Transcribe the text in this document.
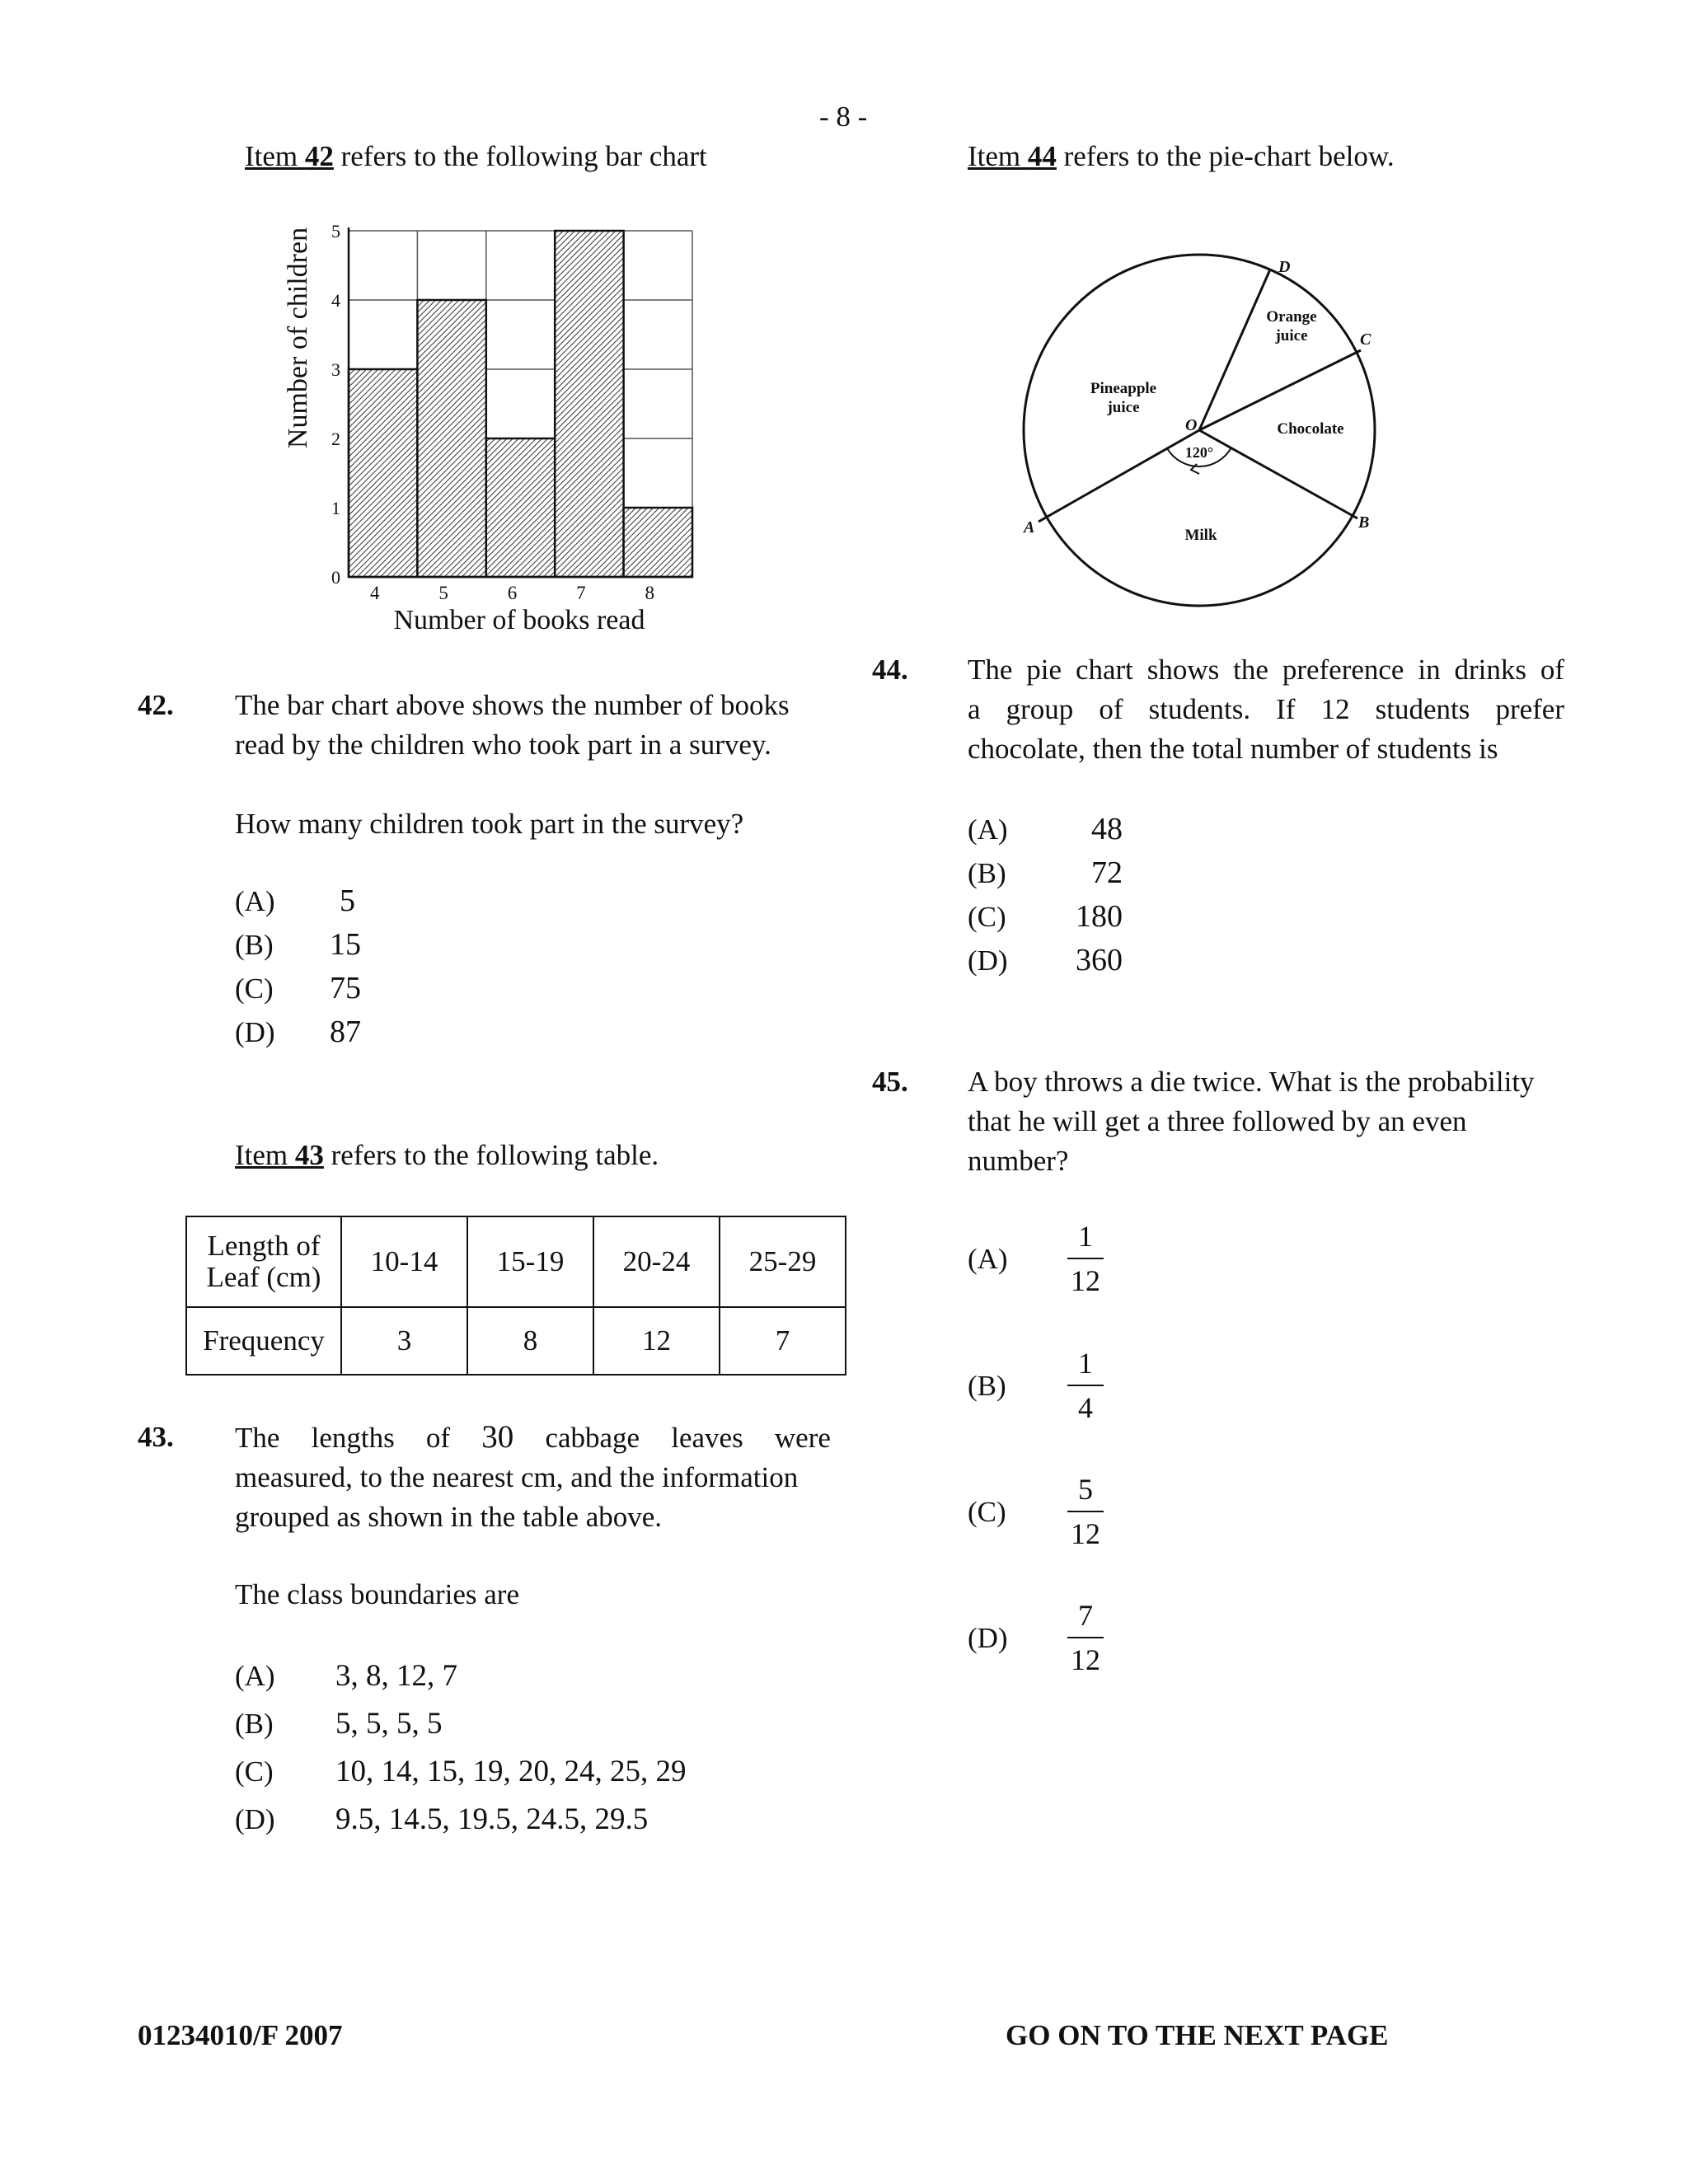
- 8 -
Item 42 refers to the following bar chart
0
1
2
3
4
5
4	5	6	7	8
Number of children
Number of books read
42. The bar chart above shows the number of books
read by the children who took part in a survey.
How many children took part in the survey?
(A) 5
(B) 15
(C) 75
(D) 87
Item 43 refers to the following table.
Length of
Leaf (cm)	10-14	15-19	20-24	25-29
Frequency	3	8	12	7
43. The lengths of 30 cabbage leaves were
measured, to the nearest cm, and the information
grouped as shown in the table above.
The class boundaries are
(A) 3, 8, 12, 7
(B) 5, 5, 5, 5
(C) 10, 14, 15, 19, 20, 24, 25, 29
(D) 9.5, 14.5, 19.5, 24.5, 29.5
Item 44 refers to the pie-chart below.
D
C
B
A
O
Orange
juice
Pineapple
juice
Chocolate
Milk
120°
44. The pie chart shows the preference in drinks of
a group of students. If 12 students prefer
chocolate, then the total number of students is
(A)	48
(B)	72
(C) 180
(D) 360
45. A boy throws a die twice. What is the probability
that he will get a three followed by an even
number?
(A)
1
12
(B)
1
4
(C)
5
12
(D)
7
12
01234010/F 2007	GO ON TO THE NEXT PAGE
